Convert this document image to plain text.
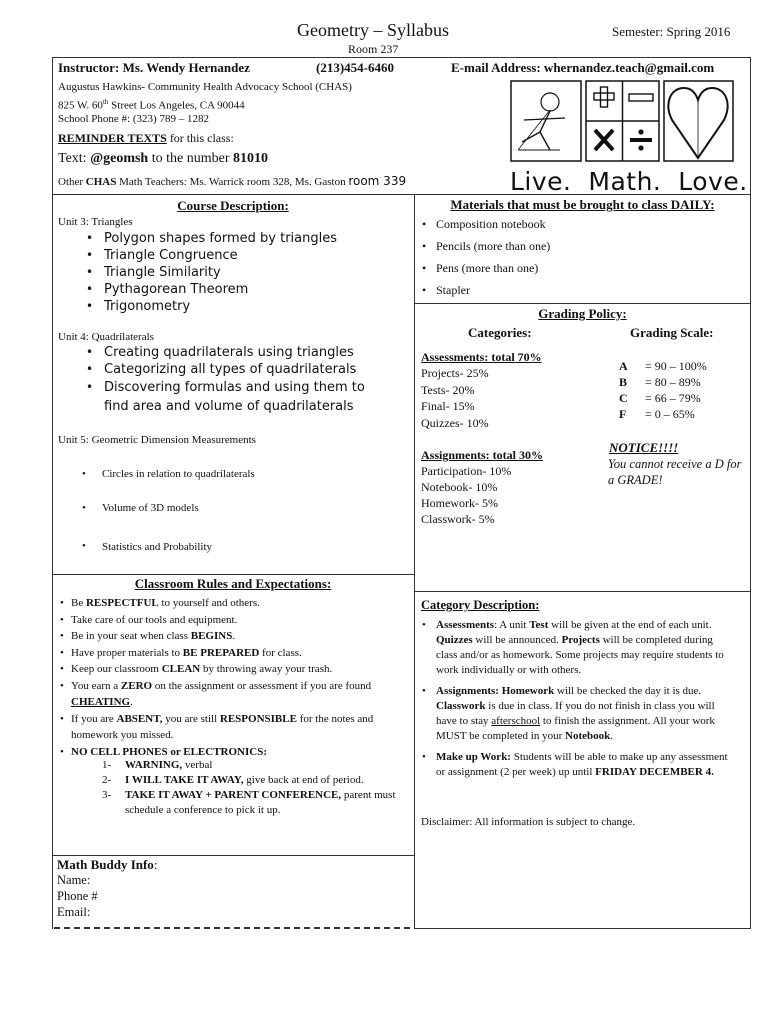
Geometry – Syllabus	Semester: Spring 2016
Room 237
Instructor: Ms. Wendy Hernandez	(213)454-6460	E-mail Address: whernandez.teach@gmail.com
Augustus Hawkins- Community Health Advocacy School (CHAS)
825 W. 60th Street Los Angeles, CA 90044
School Phone #: (323) 789 – 1282
REMINDER TEXTS for this class:
Text: @geomsh to the number 81010
Other CHAS Math Teachers: Ms. Warrick room 328, Ms. Gaston room 339	Live.  Math.  Love.
Course Description:
Unit 3: Triangles
• Polygon shapes formed by triangles
• Triangle Congruence
• Triangle Similarity
• Pythagorean Theorem
• Trigonometry
Unit 4: Quadrilaterals
• Creating quadrilaterals using triangles
• Categorizing all types of quadrilaterals
• Discovering formulas and using them to find area and volume of quadrilaterals
Unit 5: Geometric Dimension Measurements
• Circles in relation to quadrilaterals
• Volume of 3D models
• Statistics and Probability
Materials that must be brought to class DAILY:
• Composition notebook
• Pencils (more than one)
• Pens (more than one)
• Stapler
Grading Policy:
Categories:	Grading Scale:
Assessments: total 70%
Projects- 25%
Tests- 20%
Final- 15%
Quizzes- 10%
Assignments: total 30%
Participation- 10%
Notebook- 10%
Homework- 5%
Classwork- 5%
A = 90 – 100%
B = 80 – 89%
C = 66 – 79%
F = 0 – 65%
NOTICE!!!!
You cannot receive a D for a GRADE!
Classroom Rules and Expectations:
• Be RESPECTFUL to yourself and others.
• Take care of our tools and equipment.
• Be in your seat when class BEGINS.
• Have proper materials to BE PREPARED for class.
• Keep our classroom CLEAN by throwing away your trash.
• You earn a ZERO on the assignment or assessment if you are found CHEATING.
• If you are ABSENT, you are still RESPONSIBLE for the notes and homework you missed.
• NO CELL PHONES or ELECTRONICS:
1- WARNING, verbal
2- I WILL TAKE IT AWAY, give back at end of period.
3- TAKE IT AWAY + PARENT CONFERENCE, parent must schedule a conference to pick it up.
Math Buddy Info:
Name:
Phone #
Email:
Category Description:
• Assessments: A unit Test will be given at the end of each unit. Quizzes will be announced. Projects will be completed during class and/or as homework. Some projects may require students to work individually or with others.
• Assignments: Homework will be checked the day it is due. Classwork is due in class. If you do not finish in class you will have to stay afterschool to finish the assignment. All your work MUST be completed in your Notebook.
• Make up Work: Students will be able to make up any assessment or assignment (2 per week) up until FRIDAY DECEMBER 4.
Disclaimer: All information is subject to change.
